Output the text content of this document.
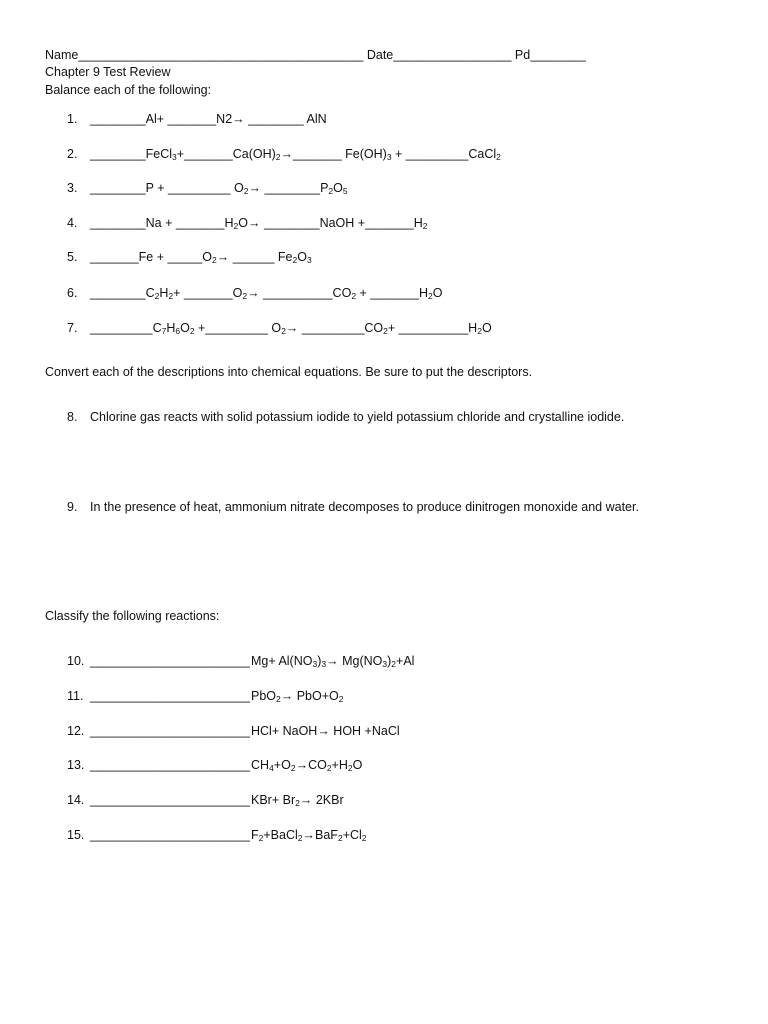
Name_________________________________________ Date_________________ Pd________
Chapter 9 Test Review
Balance each of the following:
1. ________Al+ _______N2→ ________ AlN
2. $\_\_\_\_\_\_\_\_FeCl_3+\_\_\_\_\_\_\_Ca(OH)_2\to\_\_\_\_\_\_\_$ $Fe(OH)_3$ + _________CaCl$_2$
3. ________P + _________ $O_2\to$ $\_\_\_\_\_\_\_\_P_2O_5$
4. ________Na + $\_\_\_\_\_\_\_H_2O\to$ ________NaOH $+\_\_\_\_\_\_\_H_2$
5. _______Fe + $\_\_\_\_\_O_2\to$ ______ $Fe_2O_3$
6. $\_\_\_\_\_\_\_\_C_2H_2+$ $\_\_\_\_\_\_\_O_2\to$ $\_\_\_\_\_\_\_\_\_\_CO_2$ + $\_\_\_\_\_\_\_H_2O$
7. $\_\_\_\_\_\_\_\_\_C_7H_6O_2$ +_________ $O_2\to$ $\_\_\_\_\_\_\_\_\_CO_2+$ $\_\_\_\_\_\_\_\_\_\_H_2O$
Convert each of the descriptions into chemical equations. Be sure to put the descriptors.
8. Chlorine gas reacts with solid potassium iodide to yield potassium chloride and crystalline iodide.
9. In the presence of heat, ammonium nitrate decomposes to produce dinitrogen monoxide and water.
Classify the following reactions:
10. _______________________ $Mg+ Al(NO_3)_3\to Mg(NO_3)_2+Al$
11. _______________________ $PbO_2\to PbO+O_2$
12. _______________________ HCl+ NaOH→ HOH +NaCl
13. _______________________ $CH_4+O_2\to CO_2+H_2O$
14. _______________________ $KBr+ Br_2\to 2KBr$
15. _______________________ $F_2+BaCl_2\to BaF_2+Cl_2$
